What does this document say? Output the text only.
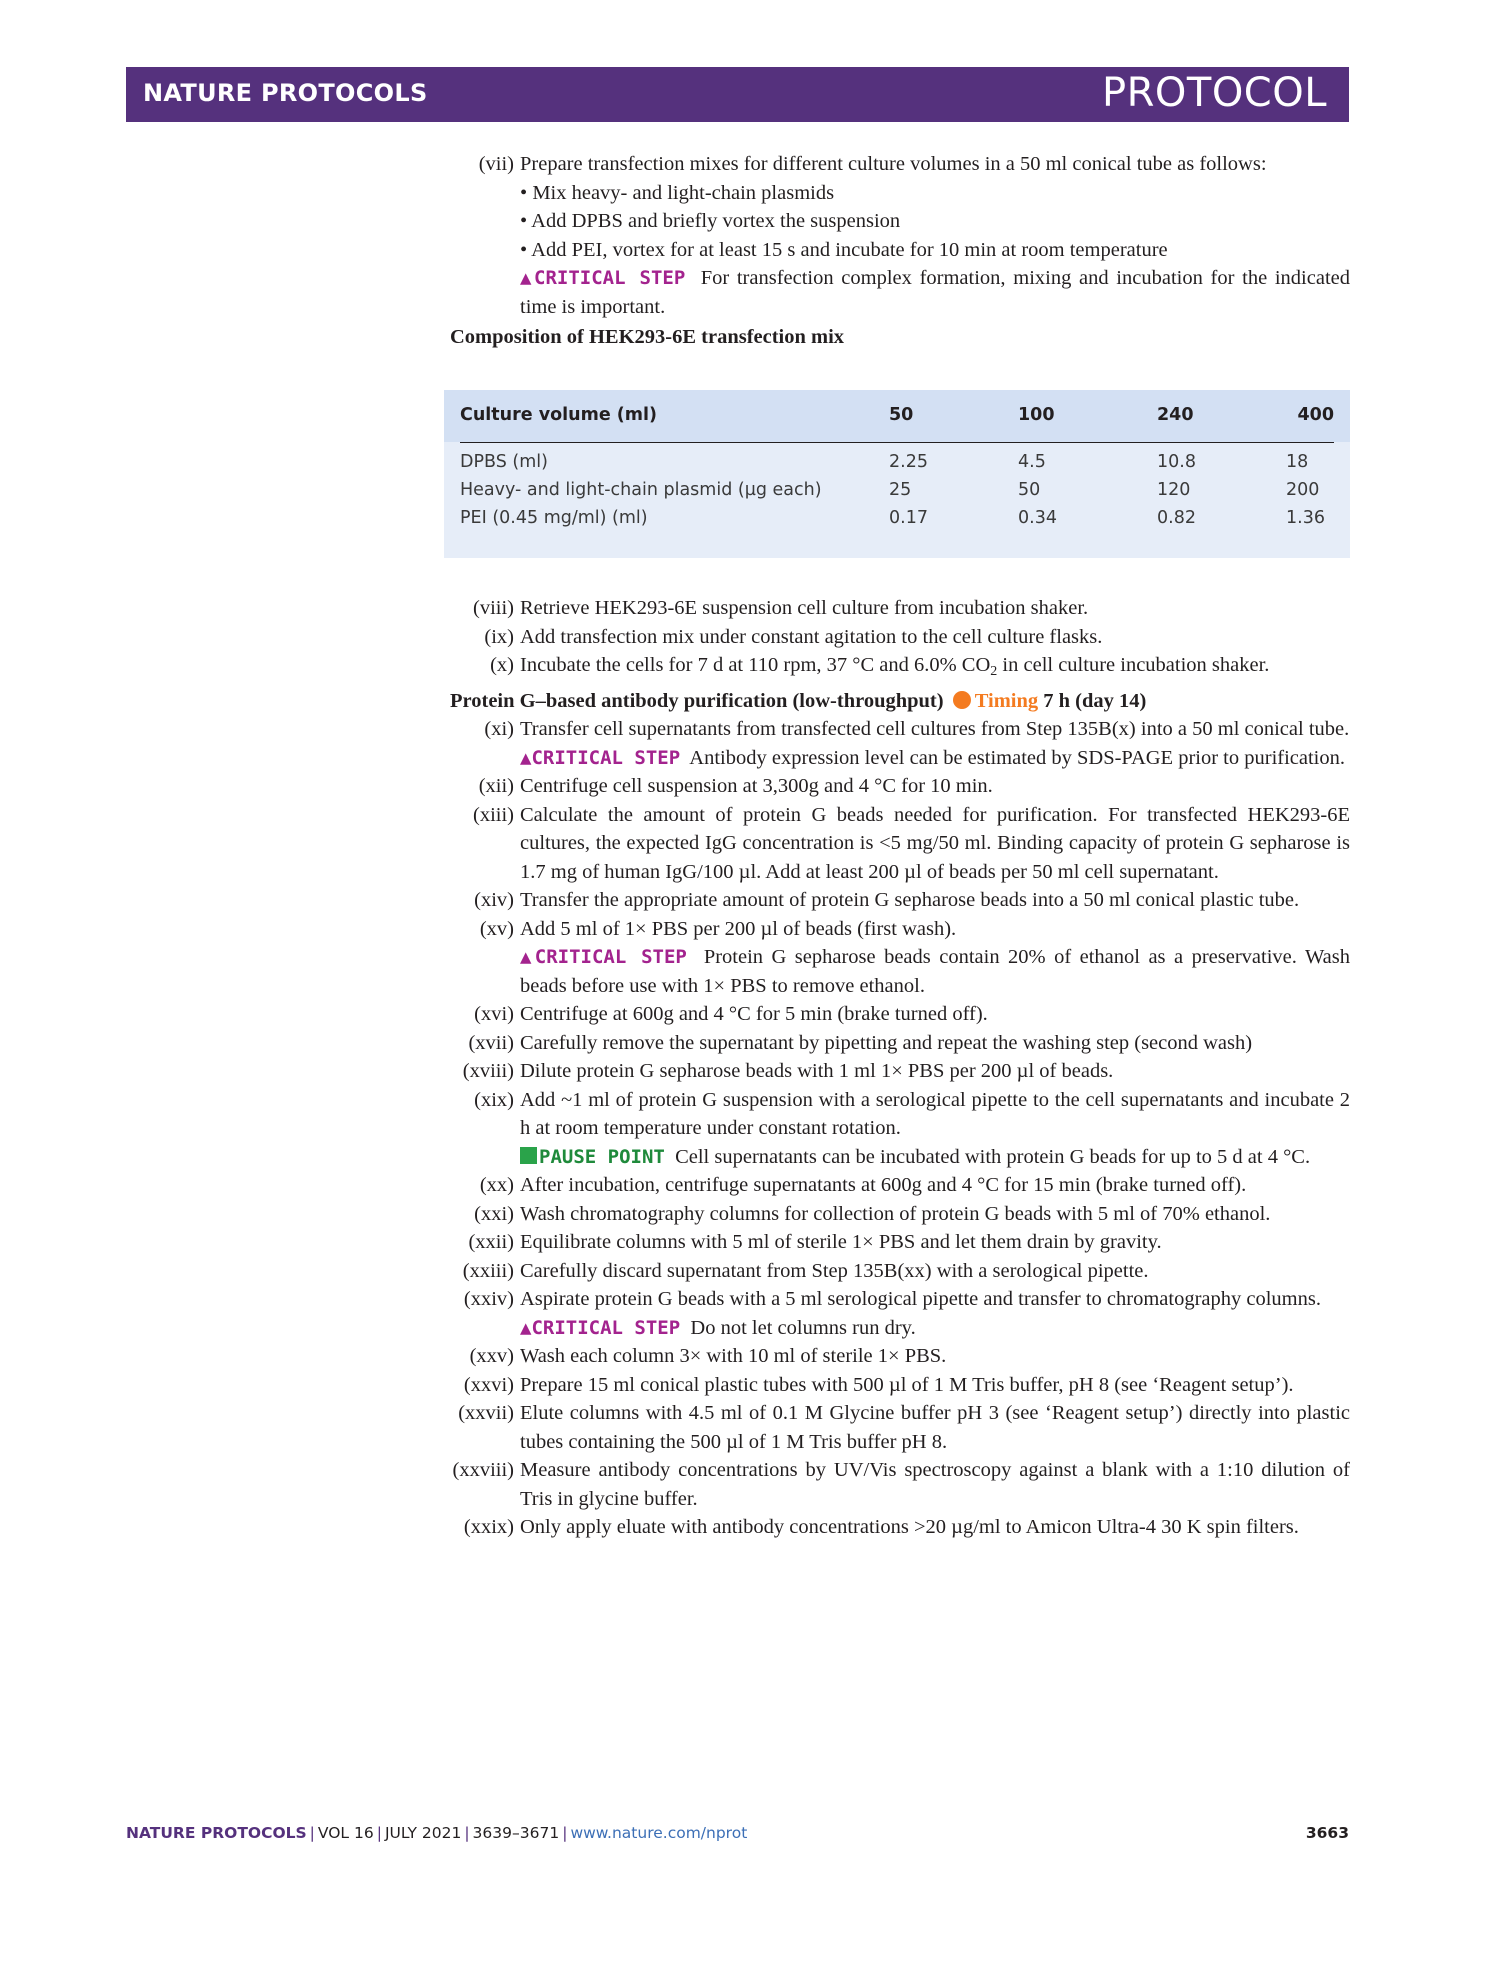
NATURE PROTOCOLS	PROTOCOL
(vii) Prepare transfection mixes for different culture volumes in a 50 ml conical tube as follows:
• Mix heavy- and light-chain plasmids
• Add DPBS and briefly vortex the suspension
• Add PEI, vortex for at least 15 s and incubate for 10 min at room temperature
▲CRITICAL STEP For transfection complex formation, mixing and incubation for the indicated time is important.
Composition of HEK293-6E transfection mix
Culture volume (ml)	50	100	240	400
DPBS (ml)	2.25	4.5	10.8	18
Heavy- and light-chain plasmid (µg each)	25	50	120	200
PEI (0.45 mg/ml) (ml)	0.17	0.34	0.82	1.36
(viii) Retrieve HEK293-6E suspension cell culture from incubation shaker.
(ix) Add transfection mix under constant agitation to the cell culture flasks.
(x) Incubate the cells for 7 d at 110 rpm, 37 °C and 6.0% $CO_2$ in cell culture incubation shaker.
Protein G–based antibody purification (low-throughput) Timing 7 h (day 14)
(xi) Transfer cell supernatants from transfected cell cultures from Step 135B(x) into a 50 ml conical tube.
▲CRITICAL STEP Antibody expression level can be estimated by SDS-PAGE prior to purification.
(xii) Centrifuge cell suspension at 3,300g and 4 °C for 10 min.
(xiii) Calculate the amount of protein G beads needed for purification. For transfected HEK293-6E cultures, the expected IgG concentration is <5 mg/50 ml. Binding capacity of protein G sepharose is 1.7 mg of human IgG/100 µl. Add at least 200 µl of beads per 50 ml cell supernatant.
(xiv) Transfer the appropriate amount of protein G sepharose beads into a 50 ml conical plastic tube.
(xv) Add 5 ml of 1× PBS per 200 µl of beads (first wash).
▲CRITICAL STEP Protein G sepharose beads contain 20% of ethanol as a preservative. Wash beads before use with 1× PBS to remove ethanol.
(xvi) Centrifuge at 600g and 4 °C for 5 min (brake turned off).
(xvii) Carefully remove the supernatant by pipetting and repeat the washing step (second wash)
(xviii) Dilute protein G sepharose beads with 1 ml 1× PBS per 200 µl of beads.
(xix) Add ~1 ml of protein G suspension with a serological pipette to the cell supernatants and incubate 2 h at room temperature under constant rotation.
PAUSE POINT Cell supernatants can be incubated with protein G beads for up to 5 d at 4 °C.
(xx) After incubation, centrifuge supernatants at 600g and 4 °C for 15 min (brake turned off).
(xxi) Wash chromatography columns for collection of protein G beads with 5 ml of 70% ethanol.
(xxii) Equilibrate columns with 5 ml of sterile 1× PBS and let them drain by gravity.
(xxiii) Carefully discard supernatant from Step 135B(xx) with a serological pipette.
(xxiv) Aspirate protein G beads with a 5 ml serological pipette and transfer to chromatography columns.
▲CRITICAL STEP Do not let columns run dry.
(xxv) Wash each column 3× with 10 ml of sterile 1× PBS.
(xxvi) Prepare 15 ml conical plastic tubes with 500 µl of 1 M Tris buffer, pH 8 (see ‘Reagent setup’).
(xxvii) Elute columns with 4.5 ml of 0.1 M Glycine buffer pH 3 (see ‘Reagent setup’) directly into plastic tubes containing the 500 µl of 1 M Tris buffer pH 8.
(xxviii) Measure antibody concentrations by UV/Vis spectroscopy against a blank with a 1:10 dilution of Tris in glycine buffer.
(xxix) Only apply eluate with antibody concentrations >20 µg/ml to Amicon Ultra-4 30 K spin filters.
NATURE PROTOCOLS | VOL 16 | JULY 2021 | 3639–3671 | www.nature.com/nprot	3663
